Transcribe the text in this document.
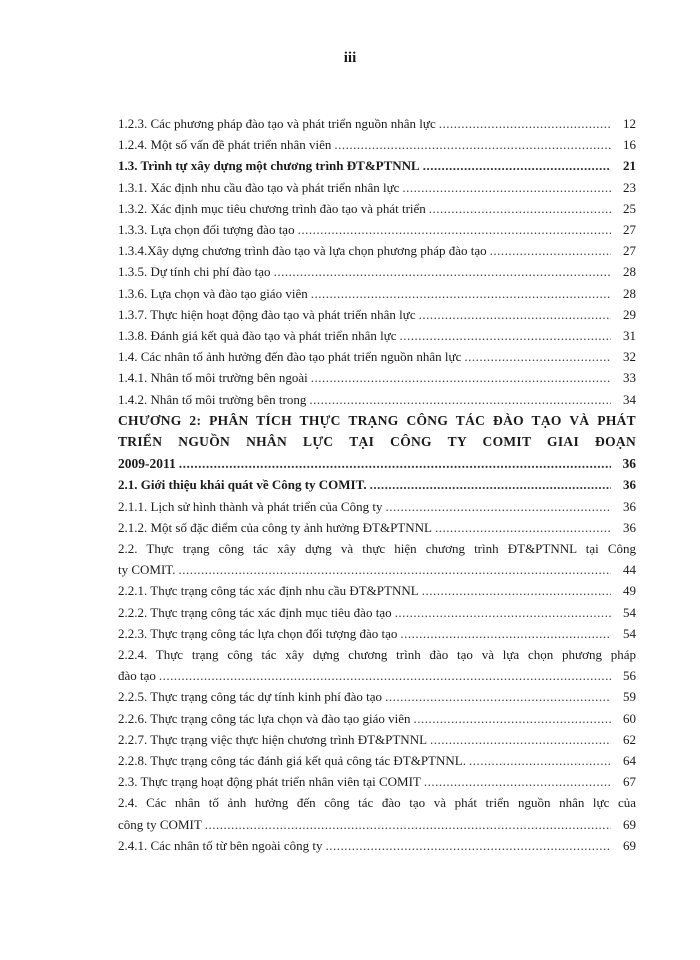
iii
1.2.3. Các phương pháp đào tạo và phát triển nguồn nhân lực .....	12
1.2.4. Một số vấn đề phát triển nhân viên .....	16
1.3. Trình tự xây dựng một chương trình ĐT&PTNNL .....	21
1.3.1. Xác định nhu cầu đào tạo và phát triển nhân lực .....	23
1.3.2. Xác định mục tiêu chương trình đào tạo và phát triển .....	25
1.3.3. Lựa chọn đối tượng đào tạo .....	27
1.3.4.Xây dựng chương trình đào tạo và lựa chọn phương pháp đào tạo .....	27
1.3.5. Dự tính chi phí đào tạo .....	28
1.3.6. Lựa chọn và đào tạo giáo viên .....	28
1.3.7. Thực hiện hoạt động đào tạo và phát triển nhân lực .....	29
1.3.8. Đánh giá kết quả đào tạo và phát triển nhân lực .....	31
1.4. Các nhân tố ảnh hưởng đến đào tạo phát triển nguồn nhân lực .....	32
1.4.1. Nhân tố môi trường bên ngoài .....	33
1.4.2. Nhân tố môi trường bên trong .....	34
CHƯƠNG 2: PHÂN TÍCH THỰC TRẠNG CÔNG TÁC ĐÀO TẠO VÀ PHÁT TRIỂN NGUỒN NHÂN LỰC TẠI CÔNG TY COMIT GIAI ĐOẠN
2009-2011 .....	36
2.1. Giới thiệu khái quát về Công ty COMIT. .....	36
2.1.1. Lịch sử hình thành và phát triển của Công ty .....	36
2.1.2. Một số đặc điểm của công ty ảnh hưởng ĐT&PTNNL .....	36
2.2. Thực trạng công tác xây dựng và thực hiện chương trình ĐT&PTNNL tại Công
ty COMIT. .....	44
2.2.1. Thực trạng công tác xác định nhu cầu ĐT&PTNNL .....	49
2.2.2. Thực trạng công tác xác định mục tiêu đào tạo .....	54
2.2.3. Thực trạng công tác lựa chọn đối tượng đào tạo .....	54
2.2.4. Thực trạng công tác xây dựng chương trình đào tạo và lựa chọn phương pháp
đào tạo .....	56
2.2.5. Thực trạng công tác dự tính kinh phí đào tạo .....	59
2.2.6. Thực trạng công tác lựa chọn và đào tạo giáo viên .....	60
2.2.7. Thực trạng việc thực hiện chương trình ĐT&PTNNL .....	62
2.2.8. Thực trạng công tác đánh giá kết quả công tác ĐT&PTNNL. .....	64
2.3. Thực trạng hoạt động phát triển nhân viên tại COMIT .....	67
2.4. Các nhân tố ảnh hưởng đến công tác đào tạo và phát triển nguồn nhân lực của
công ty COMIT .....	69
2.4.1. Các nhân tố từ bên ngoài công ty .....	69
